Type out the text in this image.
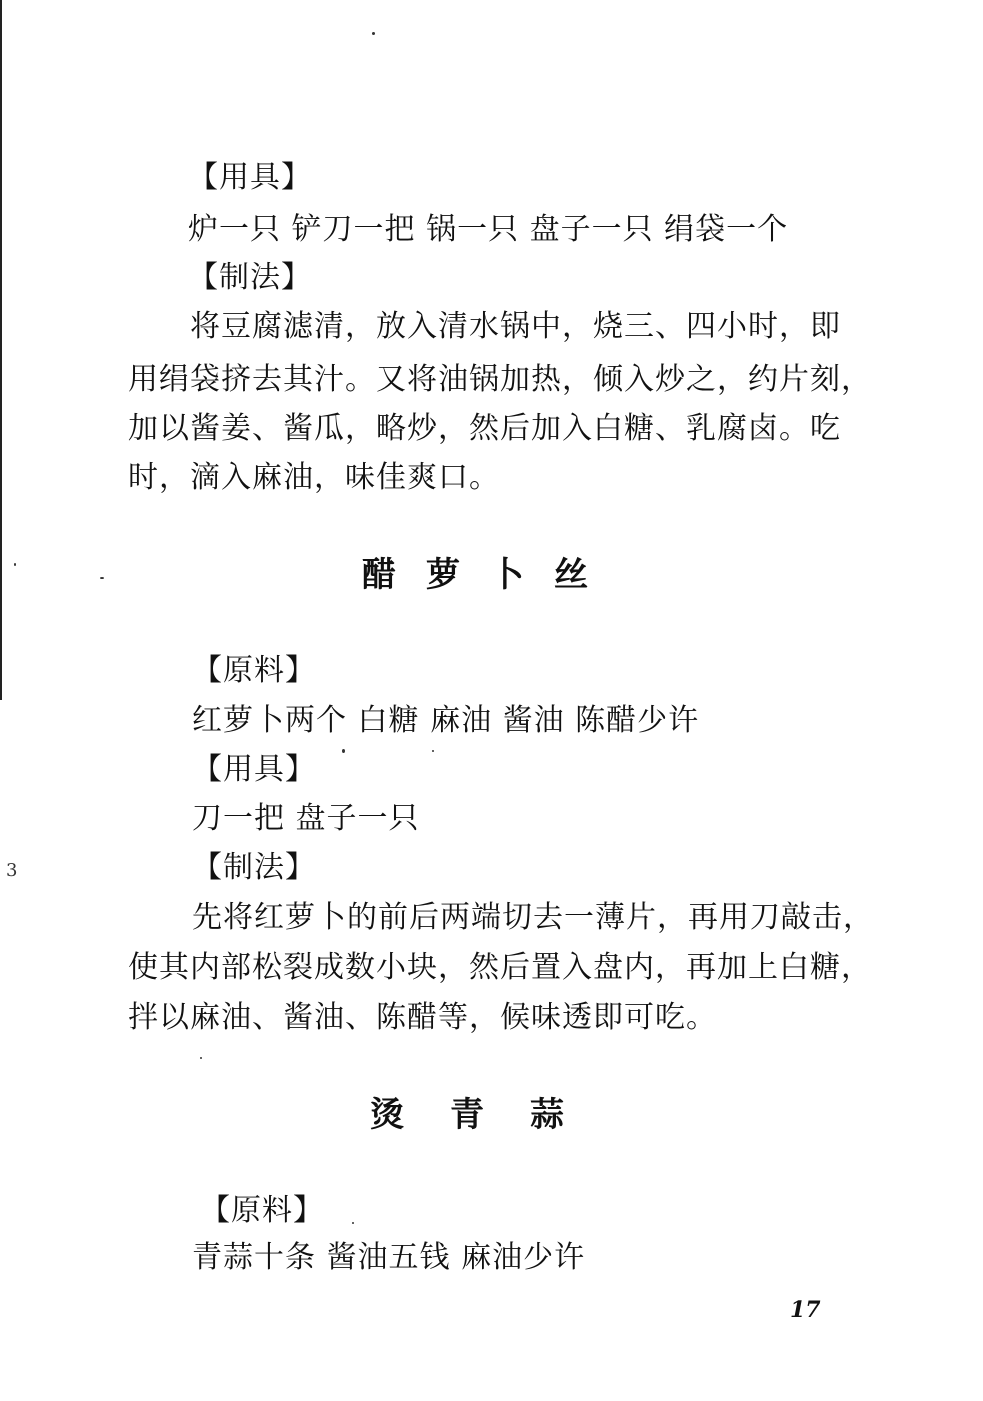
【用具】
炉一只 铲刀一把 锅一只 盘子一只 绢袋一个
【制法】
将豆腐滤清，放入清水锅中，烧三、四小时，即
用绢袋挤去其汁。又将油锅加热，倾入炒之，约片刻，
加以酱姜、酱瓜，略炒，然后加入白糖、乳腐卤。吃
时，滴入麻油，味佳爽口。
醋萝卜丝
【原料】
红萝卜两个 白糖 麻油 酱油 陈醋少许
【用具】
刀一把 盘子一只
【制法】
先将红萝卜的前后两端切去一薄片，再用刀敲击，
使其内部松裂成数小块，然后置入盘内，再加上白糖，
拌以麻油、酱油、陈醋等，候味透即可吃。
烫青蒜
【原料】
青蒜十条 酱油五钱 麻油少许
3
17
